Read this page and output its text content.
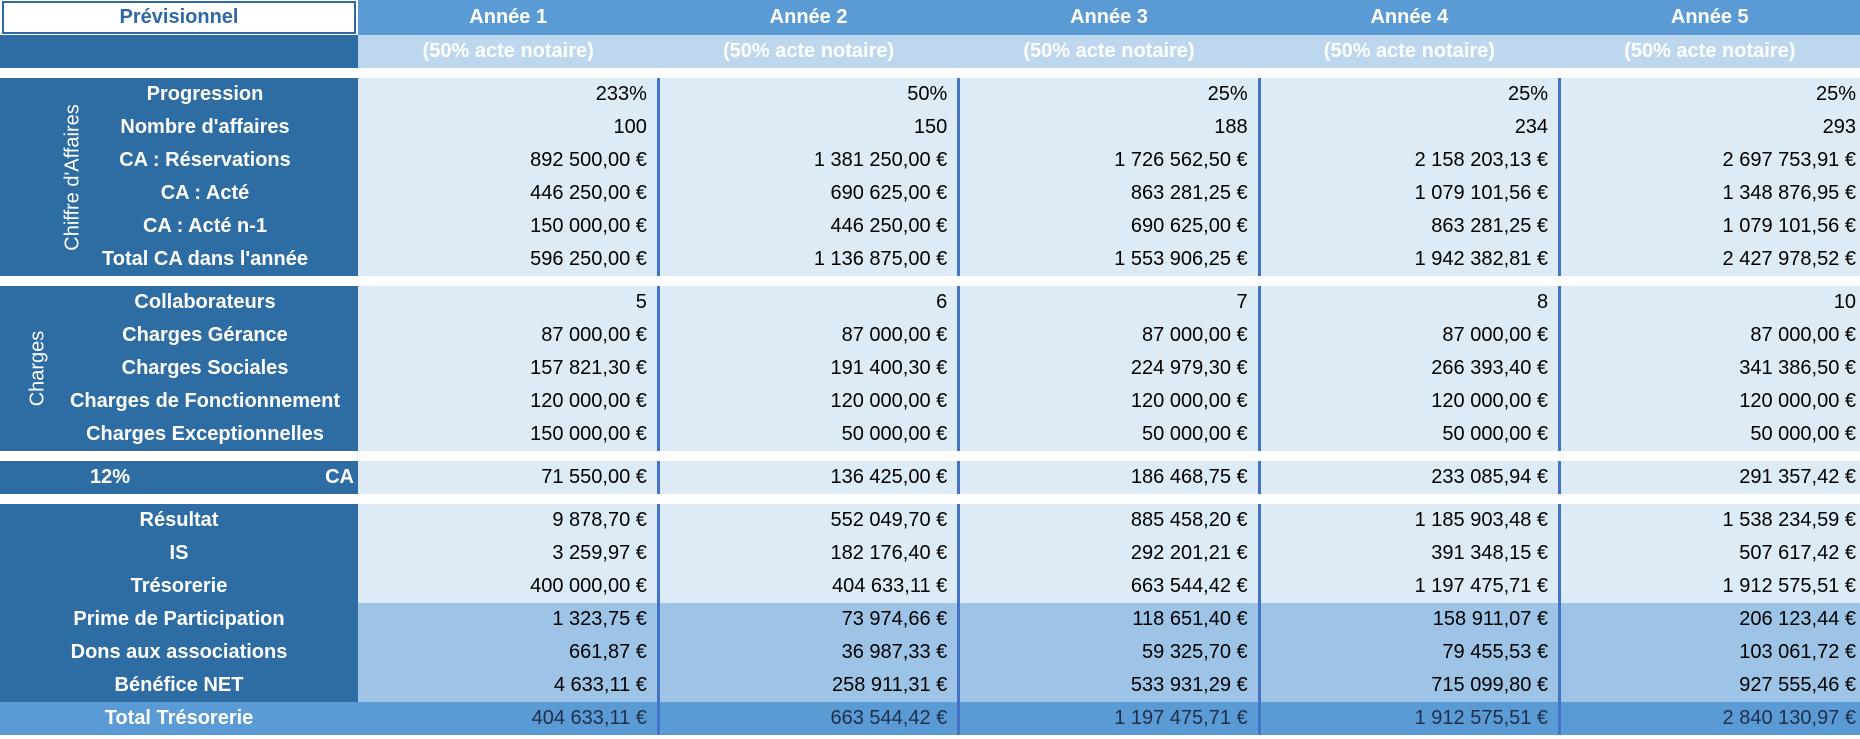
Prévisionnel		Année 1	Année 2	Année 3	Année 4	Année 5
		(50% acte notaire)	(50% acte notaire)	(50% acte notaire)	(50% acte notaire)	(50% acte notaire)

Chiffre d'Affaires	Progression	233%	50%	25%	25%	25%
	Nombre d'affaires	100	150	188	234	293
	CA : Réservations	892 500,00 €	1 381 250,00 €	1 726 562,50 €	2 158 203,13 €	2 697 753,91 €
	CA : Acté	446 250,00 €	690 625,00 €	863 281,25 €	1 079 101,56 €	1 348 876,95 €
	CA : Acté n-1	150 000,00 €	446 250,00 €	690 625,00 €	863 281,25 €	1 079 101,56 €
	Total CA dans l'année	596 250,00 €	1 136 875,00 €	1 553 906,25 €	1 942 382,81 €	2 427 978,52 €

Charges	Collaborateurs	5	6	7	8	10
	Charges Gérance	87 000,00 €	87 000,00 €	87 000,00 €	87 000,00 €	87 000,00 €
	Charges Sociales	157 821,30 €	191 400,30 €	224 979,30 €	266 393,40 €	341 386,50 €
	Charges de Fonctionnement	120 000,00 €	120 000,00 €	120 000,00 €	120 000,00 €	120 000,00 €
	Charges Exceptionnelles	150 000,00 €	50 000,00 €	50 000,00 €	50 000,00 €	50 000,00 €

12% CA		71 550,00 €	136 425,00 €	186 468,75 €	233 085,94 €	291 357,42 €

Résultat		9 878,70 €	552 049,70 €	885 458,20 €	1 185 903,48 €	1 538 234,59 €
IS		3 259,97 €	182 176,40 €	292 201,21 €	391 348,15 €	507 617,42 €
Trésorerie		400 000,00 €	404 633,11 €	663 544,42 €	1 197 475,71 €	1 912 575,51 €
Prime de Participation		1 323,75 €	73 974,66 €	118 651,40 €	158 911,07 €	206 123,44 €
Dons aux associations		661,87 €	36 987,33 €	59 325,70 €	79 455,53 €	103 061,72 €
Bénéfice NET		4 633,11 €	258 911,31 €	533 931,29 €	715 099,80 €	927 555,46 €
Total Trésorerie		404 633,11 €	663 544,42 €	1 197 475,71 €	1 912 575,51 €	2 840 130,97 €
